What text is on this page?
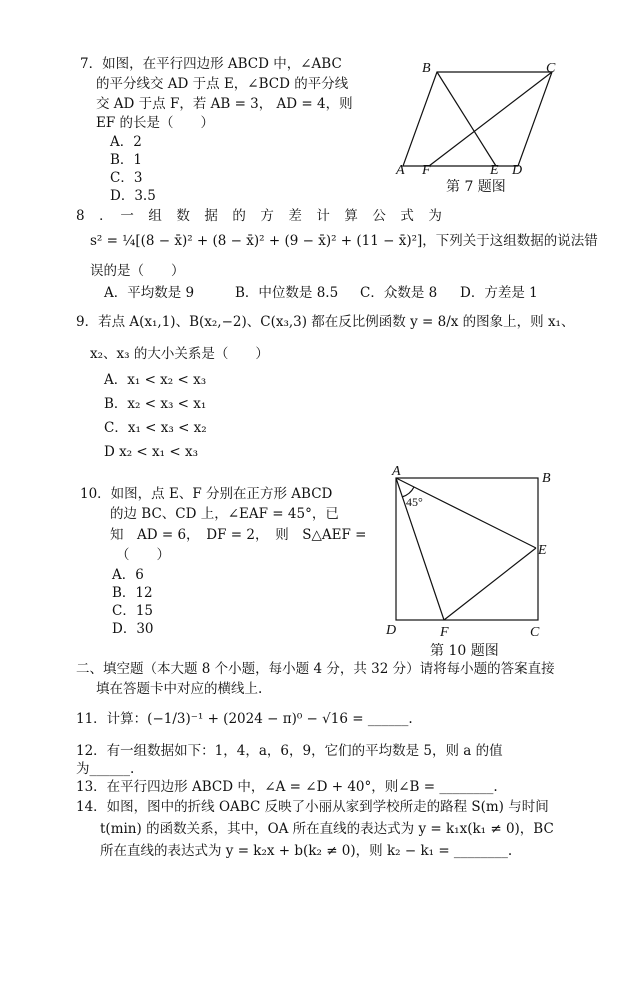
7．如图，在平行四边形 ABCD 中，∠ABC
的平分线交 AD 于点 E，∠BCD 的平分线
交 AD 于点 F，若 AB = 3， AD = 4，则
EF 的长是（　　）
A．2
B．1
C．3
D．3.5
B	C
A F	E D
第 7 题图
8　．　一　组　数　据　的　方　差　计　算　公　式　为
s² = ¼[(8 − x̄)² + (8 − x̄)² + (9 − x̄)² + (11 − x̄)²]，下列关于这组数据的说法错
误的是（　　）
A．平均数是 9	B．中位数是 8.5 C．众数是 8 D．方差是 1
9．若点 A(x₁,1)、B(x₂,−2)、C(x₃,3) 都在反比例函数 y = 8/x 的图象上，则 x₁、
x₂、x₃ 的大小关系是（　　）
A．x₁ < x₂ < x₃
B．x₂ < x₃ < x₁
C．x₁ < x₃ < x₂
D x₂ < x₁ < x₃
10．如图，点 E、F 分别在正方形 ABCD
的边 BC、CD 上，∠EAF = 45°，已
知　AD = 6，　DF = 2，　则　S△AEF =
（　　）
A．6
B．12
C．15
D．30
A	B
E
D	F	C
45°
第 10 题图
二、填空题（本大题 8 个小题，每小题 4 分，共 32 分）请将每小题的答案直接
填在答题卡中对应的横线上.
11．计算：(−1/3)⁻¹ + (2024 − π)⁰ − √16 = ______.
12．有一组数据如下：1，4，a，6，9，它们的平均数是 5，则 a 的值
为______.
13．在平行四边形 ABCD 中，∠A = ∠D + 40°，则∠B = ________.
14．如图，图中的折线 OABC 反映了小丽从家到学校所走的路程 S(m) 与时间
t(min) 的函数关系，其中，OA 所在直线的表达式为 y = k₁x(k₁ ≠ 0)，BC
所在直线的表达式为 y = k₂x + b(k₂ ≠ 0)，则 k₂ − k₁ = ________.
